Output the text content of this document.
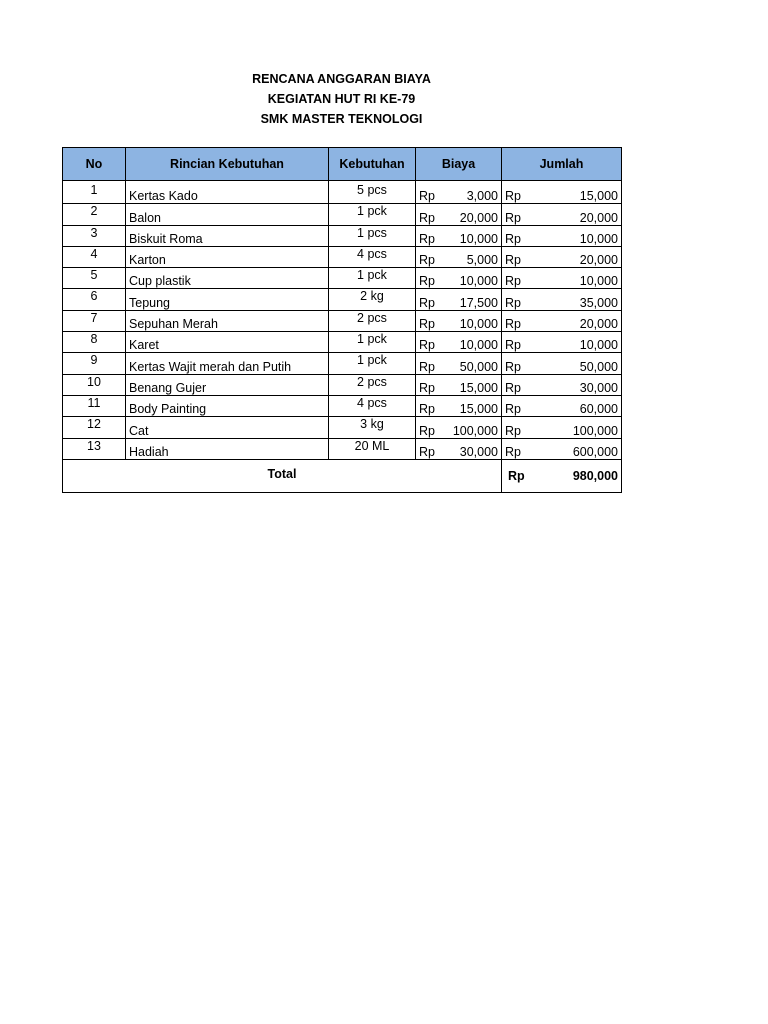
RENCANA ANGGARAN BIAYA
KEGIATAN HUT RI KE-79
SMK MASTER TEKNOLOGI
No	Rincian Kebutuhan	Kebutuhan	Biaya		Jumlah	
1	Kertas Kado	5 pcs	Rp	3,000	Rp	15,000
2	Balon	1 pck	Rp	20,000	Rp	20,000
3	Biskuit Roma	1 pcs	Rp	10,000	Rp	10,000
4	Karton	4 pcs	Rp	5,000	Rp	20,000
5	Cup plastik	1 pck	Rp	10,000	Rp	10,000
6	Tepung	2 kg	Rp	17,500	Rp	35,000
7	Sepuhan Merah	2 pcs	Rp	10,000	Rp	20,000
8	Karet	1 pck	Rp	10,000	Rp	10,000
9	Kertas Wajit merah dan Putih	1 pck	Rp	50,000	Rp	50,000
10	Benang Gujer	2 pcs	Rp	15,000	Rp	30,000
11	Body Painting	4 pcs	Rp	15,000	Rp	60,000
12	Cat	3 kg	Rp	100,000	Rp	100,000
13	Hadiah	20 ML	Rp	30,000	Rp	600,000
Total					Rp	980,000
